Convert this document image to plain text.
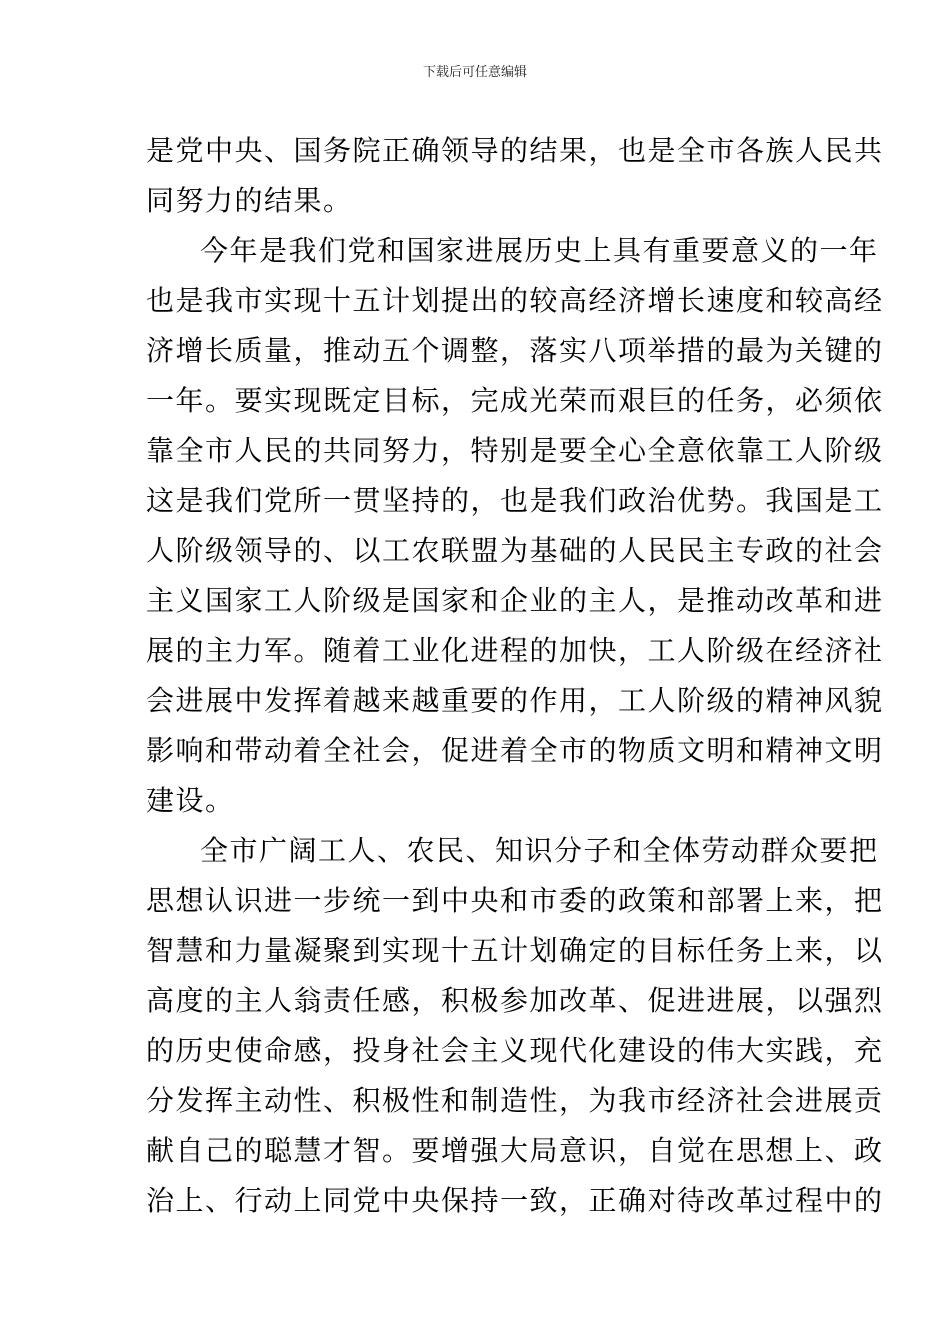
下载后可任意编辑
是党中央、国务院正确领导的结果，也是全市各族人民共
同努力的结果。
今年是我们党和国家进展历史上具有重要意义的一年
也是我市实现十五计划提出的较高经济增长速度和较高经
济增长质量，推动五个调整，落实八项举措的最为关键的
一年。要实现既定目标，完成光荣而艰巨的任务，必须依
靠全市人民的共同努力，特别是要全心全意依靠工人阶级
这是我们党所一贯坚持的，也是我们政治优势。我国是工
人阶级领导的、以工农联盟为基础的人民民主专政的社会
主义国家工人阶级是国家和企业的主人，是推动改革和进
展的主力军。随着工业化进程的加快，工人阶级在经济社
会进展中发挥着越来越重要的作用，工人阶级的精神风貌
影响和带动着全社会，促进着全市的物质文明和精神文明
建设。
全市广阔工人、农民、知识分子和全体劳动群众要把
思想认识进一步统一到中央和市委的政策和部署上来，把
智慧和力量凝聚到实现十五计划确定的目标任务上来，以
高度的主人翁责任感，积极参加改革、促进进展，以强烈
的历史使命感，投身社会主义现代化建设的伟大实践，充
分发挥主动性、积极性和制造性，为我市经济社会进展贡
献自己的聪慧才智。要增强大局意识，自觉在思想上、政
治上、行动上同党中央保持一致，正确对待改革过程中的
